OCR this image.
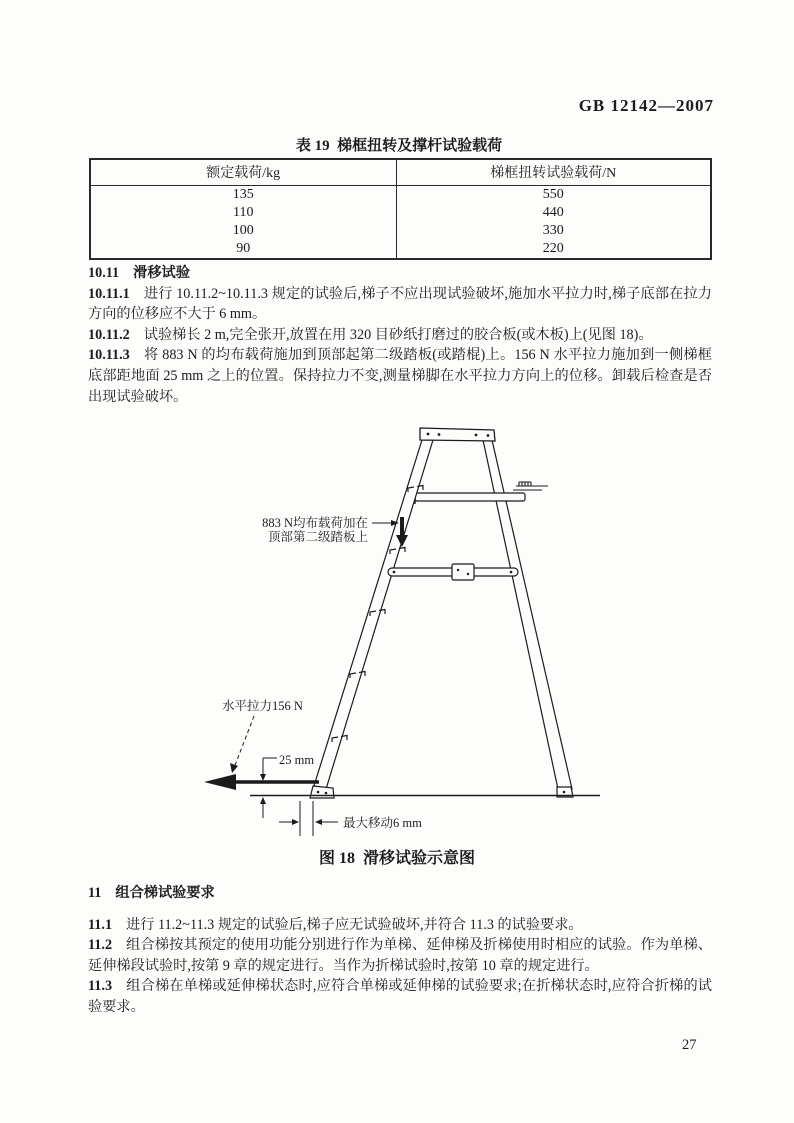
GB 12142—2007
表 19  梯框扭转及撑杆试验载荷
额定载荷/kg	梯框扭转试验载荷/N
135	550
110	440
100	330
90	220

10.11 滑移试验

10.11.1 进行 10.11.2~10.11.3 规定的试验后,梯子不应出现试验破坏,施加水平拉力时,梯子底部在拉力方向的位移应不大于 6 mm。

10.11.2 试验梯长 2 m,完全张开,放置在用 320 目砂纸打磨过的胶合板(或木板)上(见图 18)。

10.11.3 将 883 N 的均布载荷施加到顶部起第二级踏板(或踏棍)上。156 N 水平拉力施加到一侧梯框底部距地面 25 mm 之上的位置。保持拉力不变,测量梯脚在水平拉力方向上的位移。卸载后检查是否出现试验破坏。

883 N均布载荷加在
顶部第二级踏板上
水平拉力156 N
25 mm
最大移动6 mm
图 18  滑移试验示意图

11 组合梯试验要求

11.1 进行 11.2~11.3 规定的试验后,梯子应无试验破坏,并符合 11.3 的试验要求。

11.2 组合梯按其预定的使用功能分别进行作为单梯、延伸梯及折梯使用时相应的试验。作为单梯、延伸梯段试验时,按第 9 章的规定进行。当作为折梯试验时,按第 10 章的规定进行。

11.3 组合梯在单梯或延伸梯状态时,应符合单梯或延伸梯的试验要求;在折梯状态时,应符合折梯的试验要求。

27
